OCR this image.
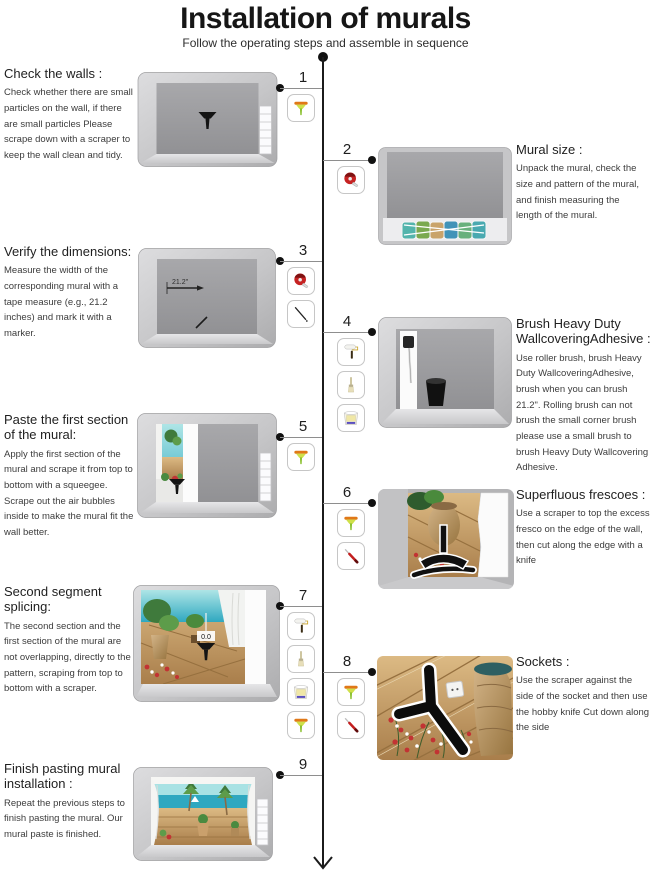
Installation of murals

Follow the operating steps and assemble in sequence

Check the walls :

Check whether there are small particles on the wall, if there are small particles Please scrape down with a scraper to keep the wall clean and tidy.

1
2	Mural size :

Unpack the mural, check the size and pattern of the mural, and finish measuring the length of the mural.

Verify the dimensions:

Measure the width of the corresponding mural with a tape measure (e.g., 21.2 inches) and mark it with a marker.

21.2"
3
4	Brush Heavy Duty WallcoveringAdhesive :

Use roller brush, brush Heavy Duty WallcoveringAdhesive, brush when you can brush 21.2". Rolling brush can not brush the small corner brush please use a small brush to brush Heavy Duty Wallcovering Adhesive.

Paste the first section of the mural:

Apply the first section of the mural and scrape it from top to bottom with a squeegee. Scrape out the air bubbles inside to make the mural fit the wall better.

5
6	Superfluous frescoes :

Use a scraper to top the excess fresco on the edge of the wall, then cut along the edge with a knife

Second segment splicing:

The second section and the first section of the mural are not overlapping, directly to the pattern, scraping from top to bottom with a scraper.

0.0
7
8	Sockets :

Use the scraper against the side of the socket and then use the hobby knife Cut down along the side

Finish pasting mural installation :

Repeat the previous steps to finish pasting the mural. Our mural paste is finished.

9
